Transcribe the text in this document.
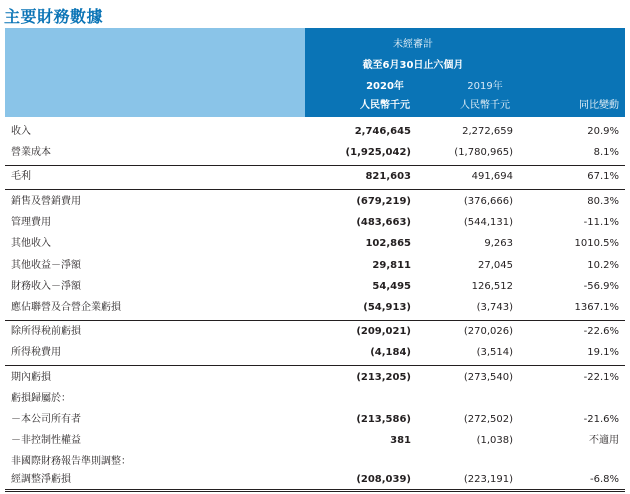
主要財務數據
未經審計
截至6月30日止六個月
2020年	2019年
人民幣千元	人民幣千元	同比變動
收入	2,746,645	2,272,659	20.9%
營業成本	(1,925,042)	(1,780,965)	8.1%
毛利	821,603	491,694	67.1%
銷售及營銷費用	(679,219)	(376,666)	80.3%
管理費用	(483,663)	(544,131)	-11.1%
其他收入	102,865	9,263	1010.5%
其他收益－淨額	29,811	27,045	10.2%
財務收入－淨額	54,495	126,512	-56.9%
應佔聯營及合營企業虧損	(54,913)	(3,743)	1367.1%
除所得稅前虧損	(209,021)	(270,026)	-22.6%
所得稅費用	(4,184)	(3,514)	19.1%
期內虧損	(213,205)	(273,540)	-22.1%
虧損歸屬於：
－本公司所有者	(213,586)	(272,502)	-21.6%
－非控制性權益	381	(1,038)	不適用
非國際財務報告準則調整：
經調整淨虧損	(208,039)	(223,191)	-6.8%
